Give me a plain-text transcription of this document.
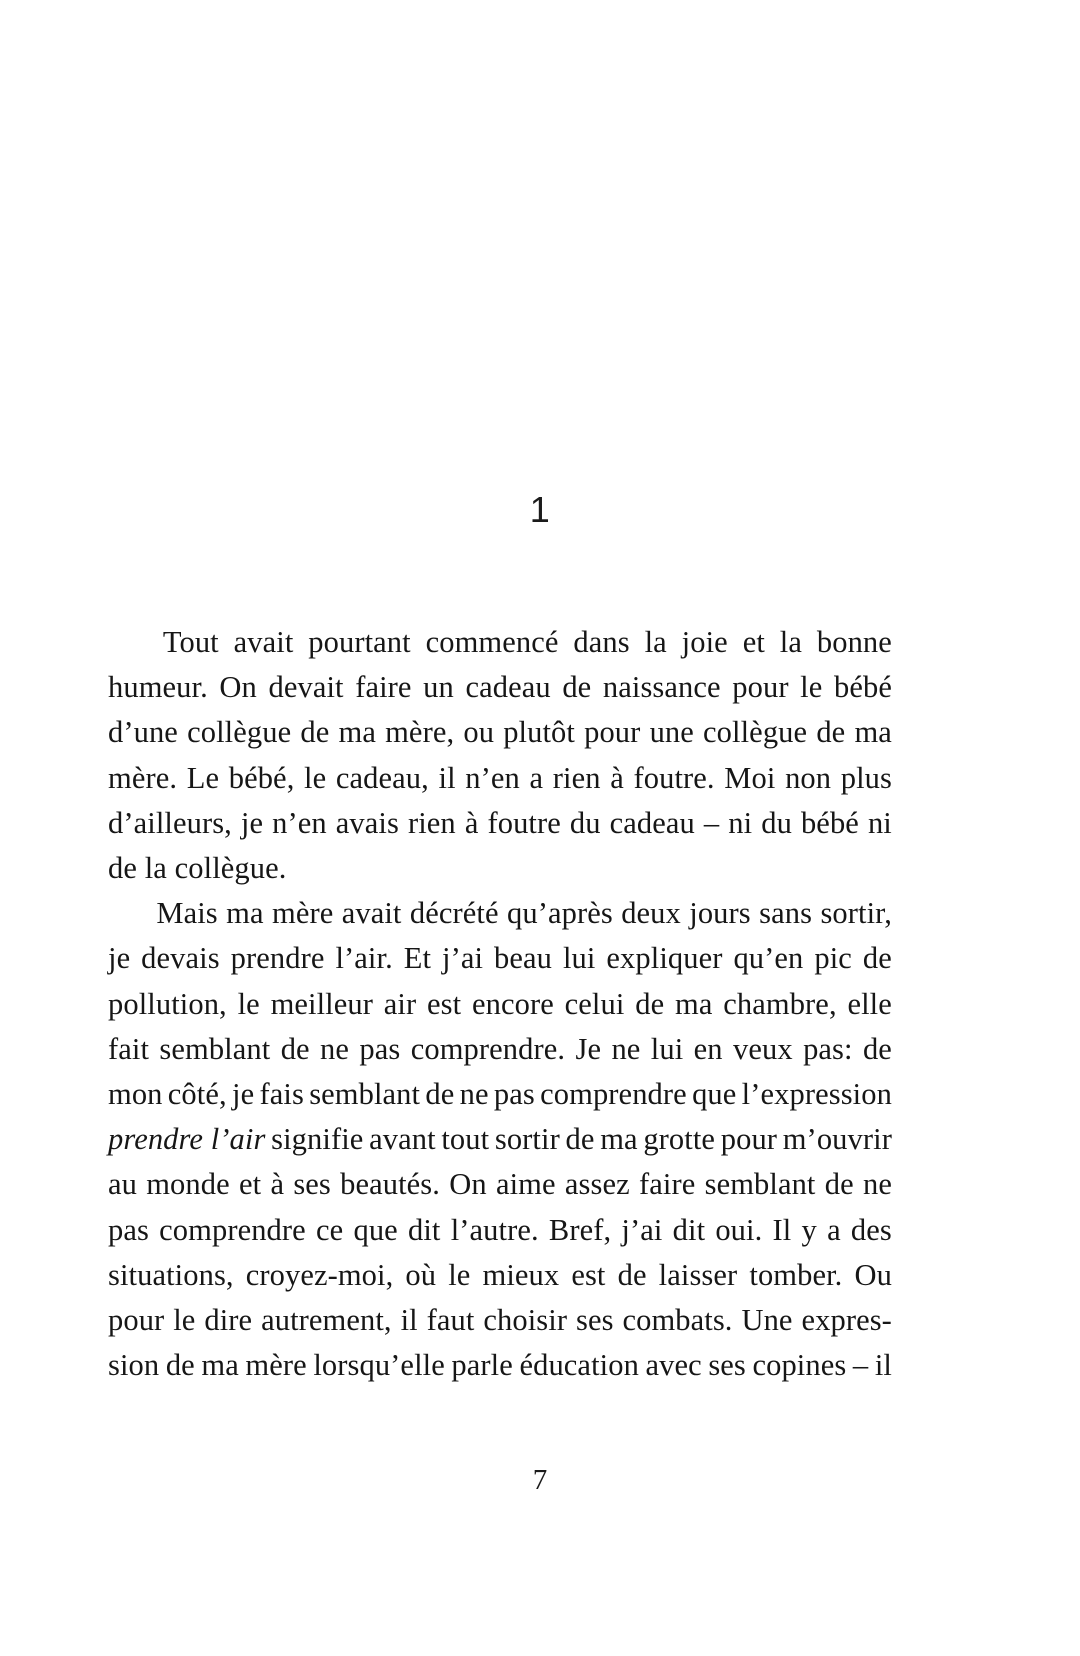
1

Tout avait pourtant commencé dans la joie et la bonne
humeur. On devait faire un cadeau de naissance pour le bébé
d’une collègue de ma mère, ou plutôt pour une collègue de ma
mère. Le bébé, le cadeau, il n’en a rien à foutre. Moi non plus
d’ailleurs, je n’en avais rien à foutre du cadeau – ni du bébé ni
de la collègue.

Mais ma mère avait décrété qu’après deux jours sans sortir,
je devais prendre l’air. Et j’ai beau lui expliquer qu’en pic de
pollution, le meilleur air est encore celui de ma chambre, elle
fait semblant de ne pas comprendre. Je ne lui en veux pas: de
mon côté, je fais semblant de ne pas comprendre que l’expression
prendre l’air signifie avant tout sortir de ma grotte pour m’ouvrir
au monde et à ses beautés. On aime assez faire semblant de ne
pas comprendre ce que dit l’autre. Bref, j’ai dit oui. Il y a des
situations, croyez-moi, où le mieux est de laisser tomber. Ou
pour le dire autrement, il faut choisir ses combats. Une expres-
sion de ma mère lorsqu’elle parle éducation avec ses copines – il

7
